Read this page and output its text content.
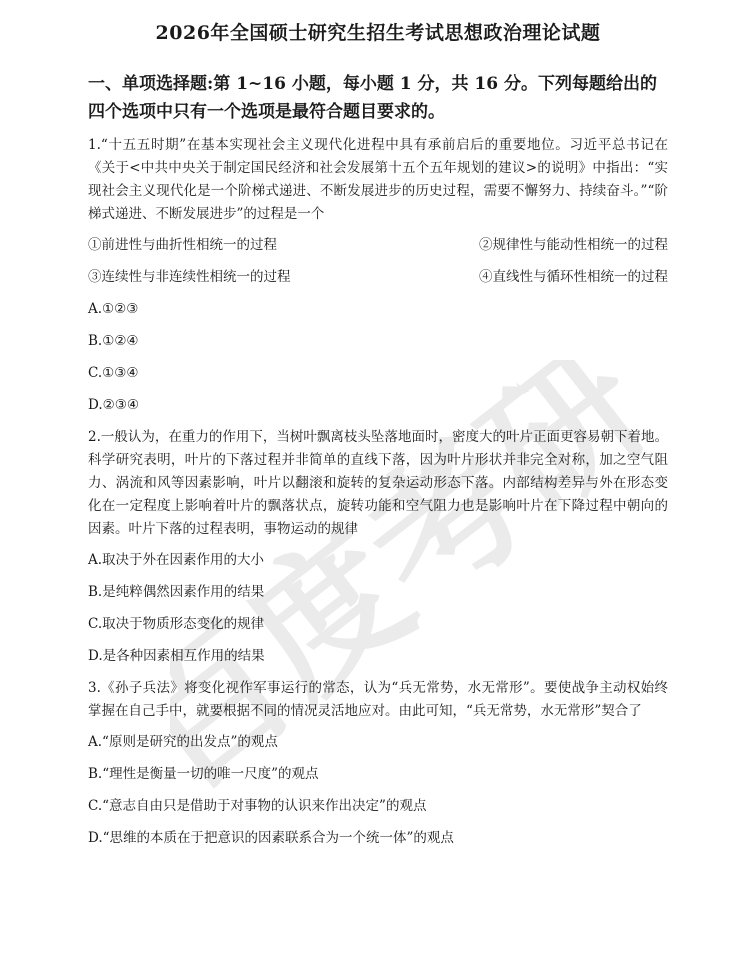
百度考研
2026年全国硕士研究生招生考试思想政治理论试题
一、单项选择题:第 1~16 小题，每小题 1 分，共 16 分。下列每题给出的四个选项中只有一个选项是最符合题目要求的。
1.“十五五时期”在基本实现社会主义现代化进程中具有承前启后的重要地位。习近平总书记在《关于<中共中央关于制定国民经济和社会发展第十五个五年规划的建议>的说明》中指出：“实现社会主义现代化是一个阶梯式递进、不断发展进步的历史过程，需要不懈努力、持续奋斗。”“阶梯式递进、不断发展进步”的过程是一个
①前进性与曲折性相统一的过程	②规律性与能动性相统一的过程
③连续性与非连续性相统一的过程	④直线性与循环性相统一的过程
A.①②③
B.①②④
C.①③④
D.②③④
2.一般认为，在重力的作用下，当树叶飘离枝头坠落地面时，密度大的叶片正面更容易朝下着地。科学研究表明，叶片的下落过程并非简单的直线下落，因为叶片形状并非完全对称，加之空气阻力、涡流和风等因素影响，叶片以翻滚和旋转的复杂运动形态下落。内部结构差异与外在形态变化在一定程度上影响着叶片的飘落状点，旋转功能和空气阻力也是影响叶片在下降过程中朝向的因素。叶片下落的过程表明，事物运动的规律
A.取决于外在因素作用的大小
B.是纯粹偶然因素作用的结果
C.取决于物质形态变化的规律
D.是各种因素相互作用的结果
3.《孙子兵法》将变化视作军事运行的常态，认为“兵无常势，水无常形”。要使战争主动权始终掌握在自己手中，就要根据不同的情况灵活地应对。由此可知，“兵无常势，水无常形”契合了
A.“原则是研究的出发点”的观点
B.“理性是衡量一切的唯一尺度”的观点
C.“意志自由只是借助于对事物的认识来作出决定”的观点
D.“思维的本质在于把意识的因素联系合为一个统一体”的观点
